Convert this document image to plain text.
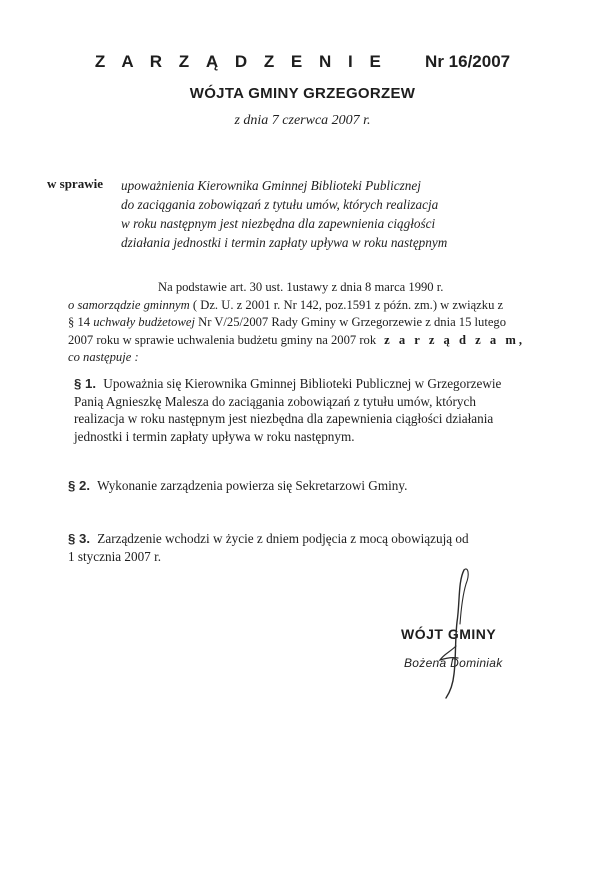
Z A R Z Ą D Z E N I E Nr 16/2007
WÓJTA GMINY GRZEGORZEW
z dnia 7 czerwca 2007 r.
w sprawie upoważnienia Kierownika Gminnej Biblioteki Publicznej
do zaciągania zobowiązań z tytułu umów, których realizacja
w roku następnym jest niezbędna dla zapewnienia ciągłości
działania jednostki i termin zapłaty upływa w roku następnym
Na podstawie art. 30 ust. 1ustawy z dnia 8 marca 1990 r.
o samorządzie gminnym ( Dz. U. z 2001 r. Nr 142, poz.1591 z późn. zm.) w związku z
§ 14 uchwały budżetowej Nr V/25/2007 Rady Gminy w Grzegorzewie z dnia 15 lutego
2007 roku w sprawie uchwalenia budżetu gminy na 2007 rok z a r z ą d z a m,
co następuje :
§ 1. Upoważnia się Kierownika Gminnej Biblioteki Publicznej w Grzegorzewie
Panią Agnieszkę Malesza do zaciągania zobowiązań z tytułu umów, których
realizacja w roku następnym jest niezbędna dla zapewnienia ciągłości działania
jednostki i termin zapłaty upływa w roku następnym.
§ 2. Wykonanie zarządzenia powierza się Sekretarzowi Gminy.
§ 3. Zarządzenie wchodzi w życie z dniem podjęcia z mocą obowiązują od
1 stycznia 2007 r.
WÓJT GMINY
Bożena Dominiak
